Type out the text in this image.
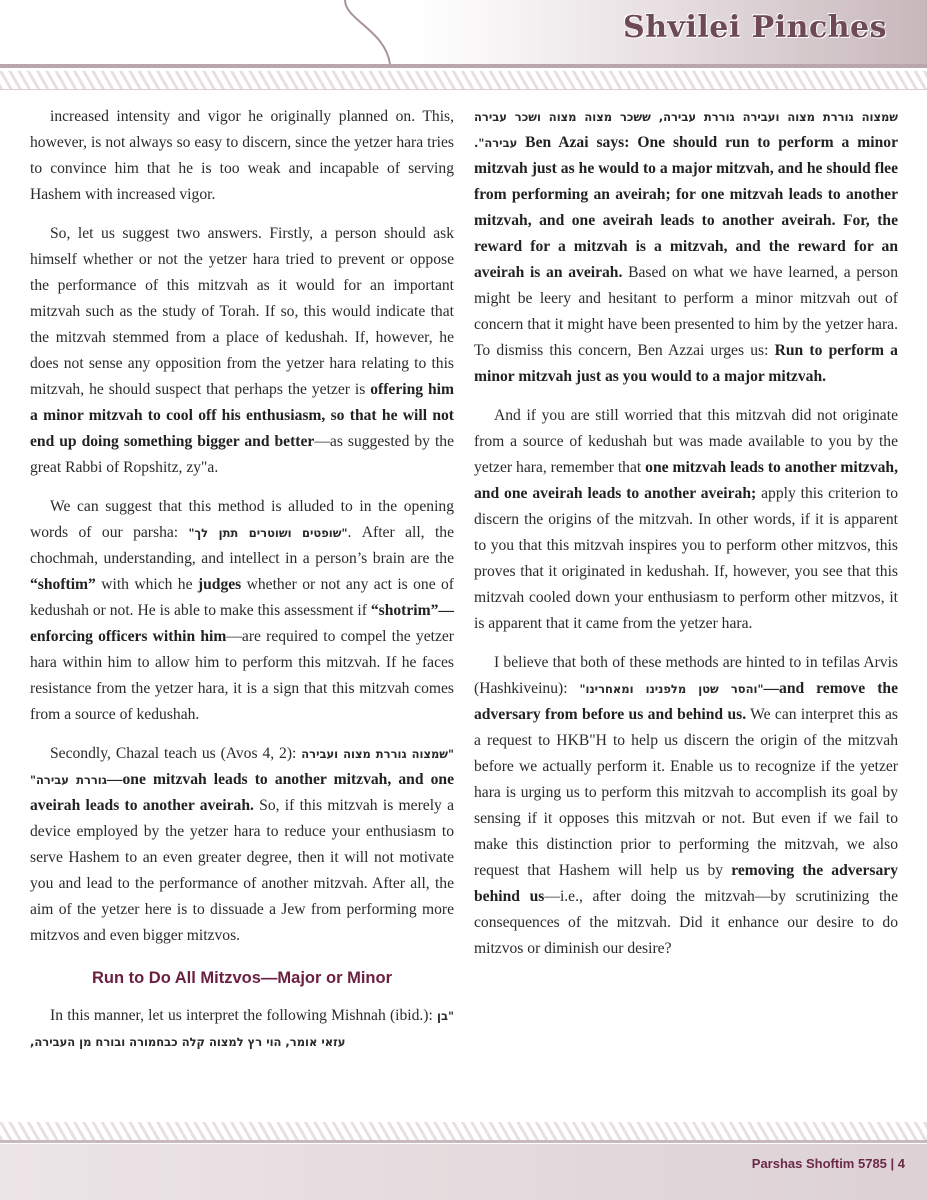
Shvilei Pinches

increased intensity and vigor he originally planned on. This, however, is not always so easy to discern, since the yetzer hara tries to convince him that he is too weak and incapable of serving Hashem with increased vigor.

So, let us suggest two answers. Firstly, a person should ask himself whether or not the yetzer hara tried to prevent or oppose the performance of this mitzvah as it would for an important mitzvah such as the study of Torah. If so, this would indicate that the mitzvah stemmed from a place of kedushah. If, however, he does not sense any opposition from the yetzer hara relating to this mitzvah, he should suspect that perhaps the yetzer is offering him a minor mitzvah to cool off his enthusiasm, so that he will not end up doing something bigger and better—as suggested by the great Rabbi of Ropshitz, zy"a.

We can suggest that this method is alluded to in the opening words of our parsha: "שופטים ושוטרים תתן לך". After all, the chochmah, understanding, and intellect in a person’s brain are the “shoftim” with which he judges whether or not any act is one of kedushah or not. He is able to make this assessment if “shotrim”—enforcing officers within him—are required to compel the yetzer hara within him to allow him to perform this mitzvah. If he faces resistance from the yetzer hara, it is a sign that this mitzvah comes from a source of kedushah.

Secondly, Chazal teach us (Avos 4, 2): "שמצוה גוררת מצוה ועבירה גוררת עבירה"—one mitzvah leads to another mitzvah, and one aveirah leads to another aveirah. So, if this mitzvah is merely a device employed by the yetzer hara to reduce your enthusiasm to serve Hashem to an even greater degree, then it will not motivate you and lead to the performance of another mitzvah. After all, the aim of the yetzer here is to dissuade a Jew from performing more mitzvos and even bigger mitzvos.

Run to Do All Mitzvos—Major or Minor

In this manner, let us interpret the following Mishnah (ibid.): "בן עזאי אומר, הוי רץ למצוה קלה כבחמורה ובורח מן העבירה,

שמצוה גוררת מצוה ועבירה גוררת עבירה, ששכר מצוה מצוה ושכר עבירה עבירה". Ben Azai says: One should run to perform a minor mitzvah just as he would to a major mitzvah, and he should flee from performing an aveirah; for one mitzvah leads to another mitzvah, and one aveirah leads to another aveirah. For, the reward for a mitzvah is a mitzvah, and the reward for an aveirah is an aveirah. Based on what we have learned, a person might be leery and hesitant to perform a minor mitzvah out of concern that it might have been presented to him by the yetzer hara. To dismiss this concern, Ben Azzai urges us: Run to perform a minor mitzvah just as you would to a major mitzvah.

And if you are still worried that this mitzvah did not originate from a source of kedushah but was made available to you by the yetzer hara, remember that one mitzvah leads to another mitzvah, and one aveirah leads to another aveirah; apply this criterion to discern the origins of the mitzvah. In other words, if it is apparent to you that this mitzvah inspires you to perform other mitzvos, this proves that it originated in kedushah. If, however, you see that this mitzvah cooled down your enthusiasm to perform other mitzvos, it is apparent that it came from the yetzer hara.

I believe that both of these methods are hinted to in tefilas Arvis (Hashkiveinu): "והסר שטן מלפנינו ומאחרינו"—and remove the adversary from before us and behind us. We can interpret this as a request to HKB"H to help us discern the origin of the mitzvah before we actually perform it. Enable us to recognize if the yetzer hara is urging us to perform this mitzvah to accomplish its goal by sensing if it opposes this mitzvah or not. But even if we fail to make this distinction prior to performing the mitzvah, we also request that Hashem will help us by removing the adversary behind us—i.e., after doing the mitzvah—by scrutinizing the consequences of the mitzvah. Did it enhance our desire to do mitzvos or diminish our desire?

Parshas Shoftim 5785 | 4
